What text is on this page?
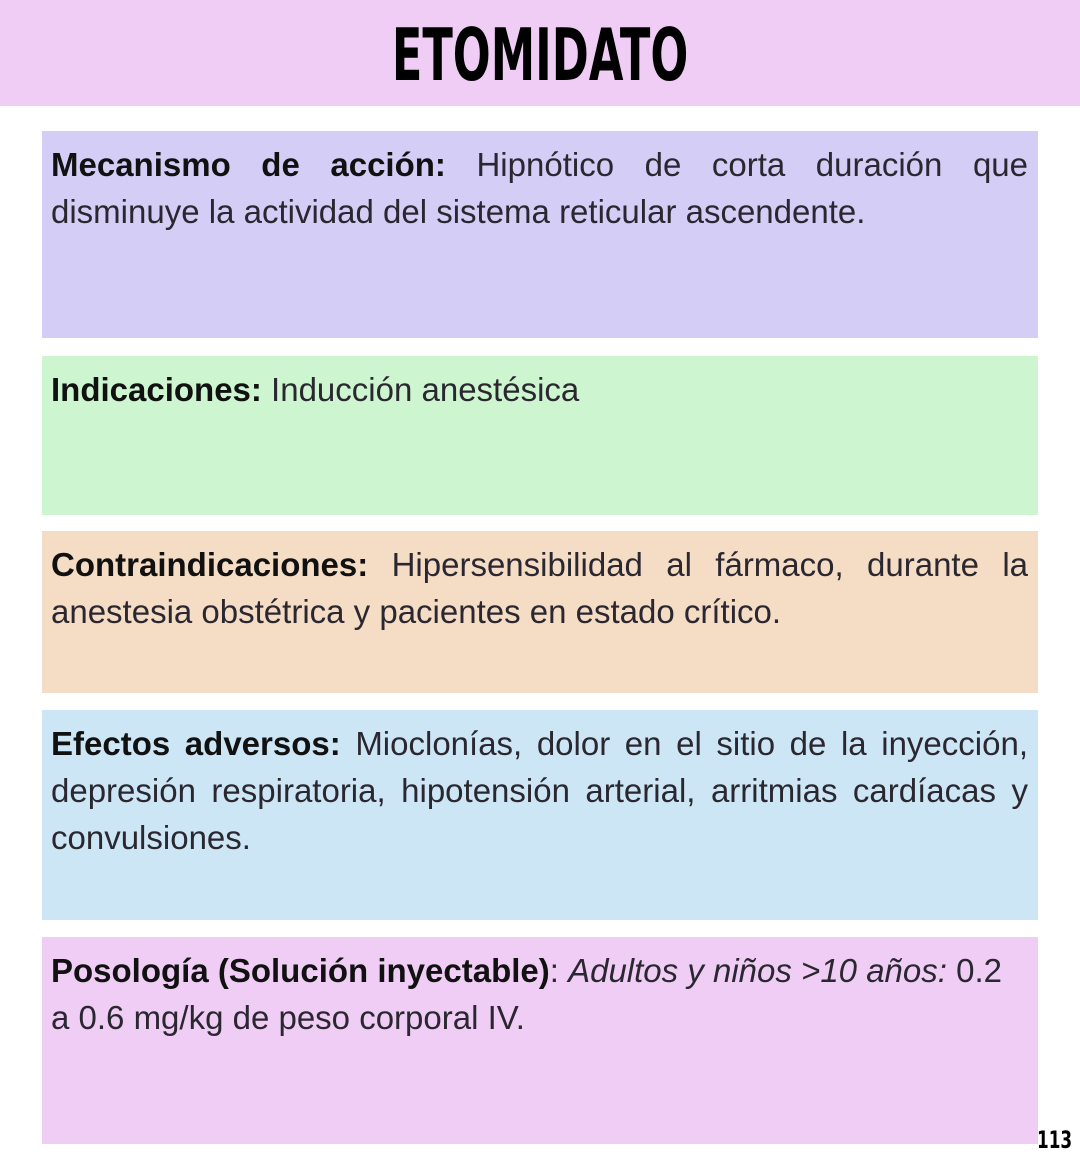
ETOMIDATO

Mecanismo de acción: Hipnótico de corta duración que disminuye la actividad del sistema reticular ascendente.

Indicaciones: Inducción anestésica

Contraindicaciones: Hipersensibilidad al fármaco, durante la anestesia obstétrica y pacientes en estado crítico.

Efectos adversos: Mioclonías, dolor en el sitio de la inyección, depresión respiratoria, hipotensión arterial, arritmias cardíacas y convulsiones.

Posología (Solución inyectable): Adultos y niños >10 años: 0.2 a 0.6 mg/kg de peso corporal IV.

113
